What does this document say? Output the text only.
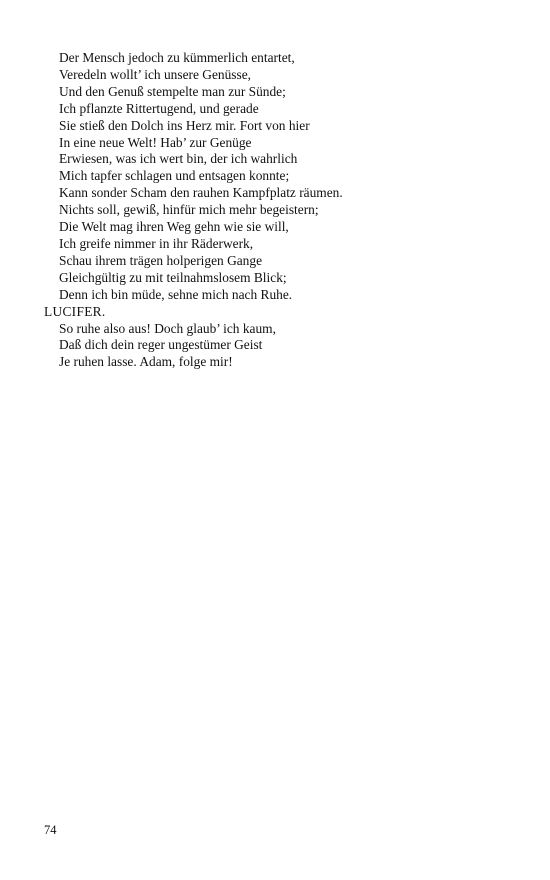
Der Mensch jedoch zu kümmerlich entartet,
Veredeln wollt’ ich unsere Genüsse,
Und den Genuß stempelte man zur Sünde;
Ich pflanzte Rittertugend, und gerade
Sie stieß den Dolch ins Herz mir. Fort von hier
In eine neue Welt! Hab’ zur Genüge
Erwiesen, was ich wert bin, der ich wahrlich
Mich tapfer schlagen und entsagen konnte;
Kann sonder Scham den rauhen Kampfplatz räumen.
Nichts soll, gewiß, hinfür mich mehr begeistern;
Die Welt mag ihren Weg gehn wie sie will,
Ich greife nimmer in ihr Räderwerk,
Schau ihrem trägen holperigen Gange
Gleichgültig zu mit teilnahmslosem Blick;
Denn ich bin müde, sehne mich nach Ruhe.
LUCIFER.
So ruhe also aus! Doch glaub’ ich kaum,
Daß dich dein reger ungestümer Geist
Je ruhen lasse. Adam, folge mir!
74
